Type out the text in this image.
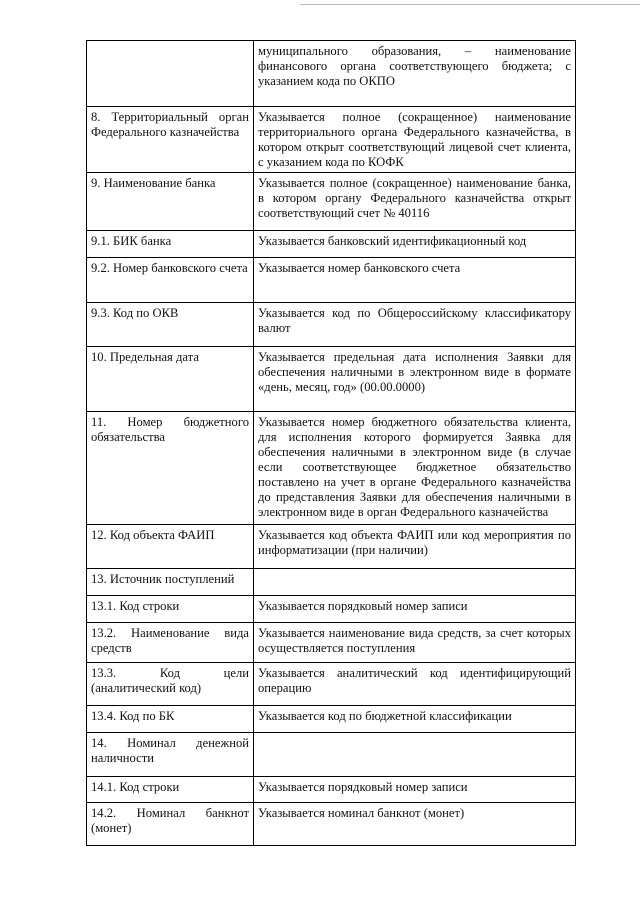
	муниципального образования, – наименование финансового органа соответствующего бюджета; с указанием кода по ОКПО

8. Территориальный орган Федерального казначейства	Указывается полное (сокращенное) наименование территориального органа Федерального казначейства, в котором открыт соответствующий лицевой счет клиента, с указанием кода по КОФК

9. Наименование банка	Указывается полное (сокращенное) наименование банка, в котором органу Федерального казначейства открыт соответствующий счет № 40116

9.1. БИК банка	Указывается банковский идентификационный код

9.2. Номер банковского счета	Указывается номер банковского счета

9.3. Код по ОКВ	Указывается код по Общероссийскому классификатору валют

10. Предельная дата	Указывается предельная дата исполнения Заявки для обеспечения наличными в электронном виде в формате «день, месяц, год» (00.00.0000)

11. Номер бюджетного обязательства	Указывается номер бюджетного обязательства клиента, для исполнения которого формируется Заявка для обеспечения наличными в электронном виде (в случае если соответствующее бюджетное обязательство поставлено на учет в органе Федерального казначейства до представления Заявки для обеспечения наличными в электронном виде в орган Федерального казначейства

12. Код объекта ФАИП	Указывается код объекта ФАИП или код мероприятия по информатизации (при наличии)

13. Источник поступлений	

13.1. Код строки	Указывается порядковый номер записи

13.2. Наименование вида средств	Указывается наименование вида средств, за счет которых осуществляется поступления

13.3. Код цели (аналитический код)	Указывается аналитический код идентифицирующий операцию

13.4. Код по БК	Указывается код по бюджетной классификации

14. Номинал денежной наличности	

14.1. Код строки	Указывается порядковый номер записи

14.2. Номинал банкнот (монет)	Указывается номинал банкнот (монет)
